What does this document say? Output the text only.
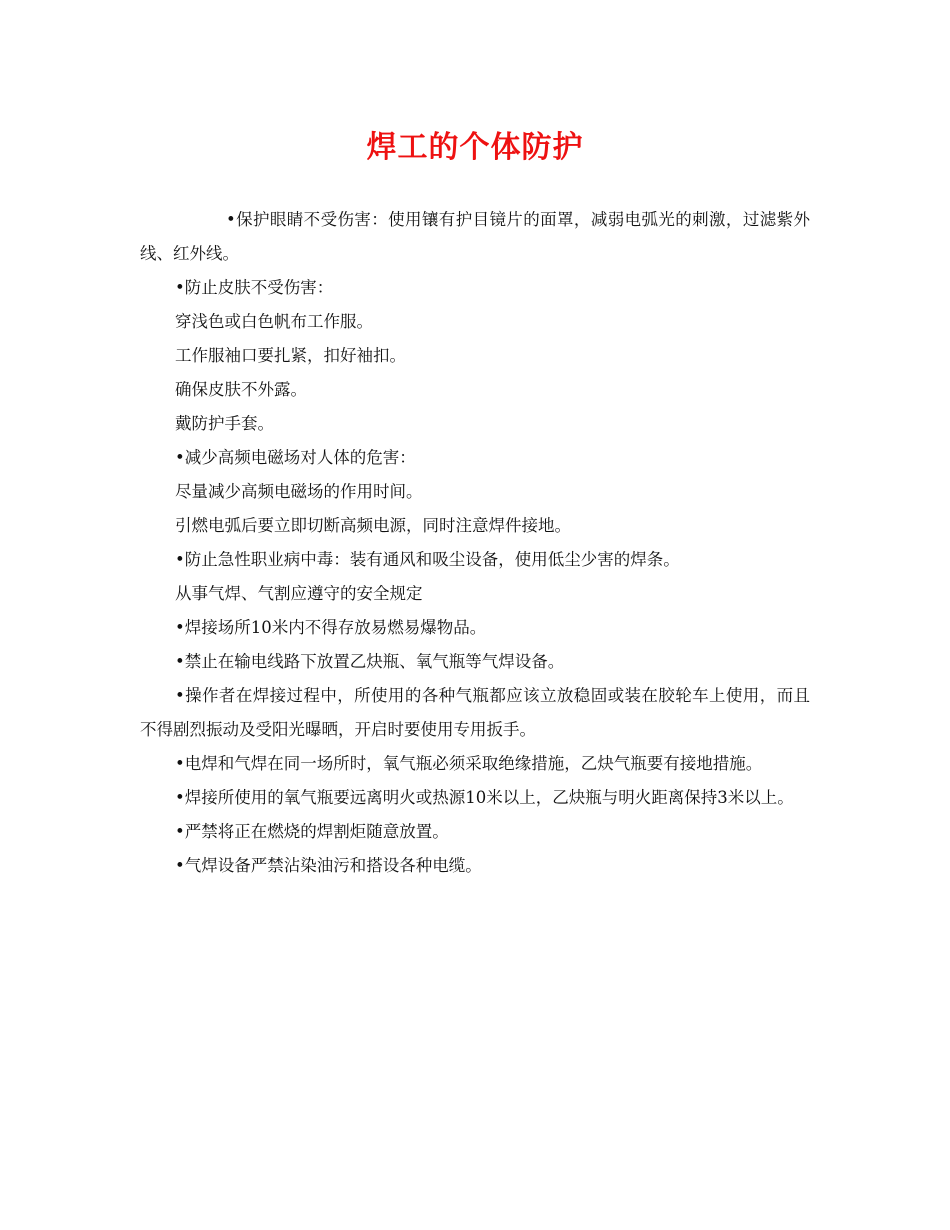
焊工的个体防护

•保护眼睛不受伤害：使用镶有护目镜片的面罩，减弱电弧光的刺激，过滤紫外线、红外线。

•防止皮肤不受伤害：

穿浅色或白色帆布工作服。

工作服袖口要扎紧，扣好袖扣。

确保皮肤不外露。

戴防护手套。

•减少高频电磁场对人体的危害：

尽量减少高频电磁场的作用时间。

引燃电弧后要立即切断高频电源，同时注意焊件接地。

•防止急性职业病中毒：装有通风和吸尘设备，使用低尘少害的焊条。

从事气焊、气割应遵守的安全规定

•焊接场所10米内不得存放易燃易爆物品。

•禁止在输电线路下放置乙炔瓶、氧气瓶等气焊设备。

•操作者在焊接过程中，所使用的各种气瓶都应该立放稳固或装在胶轮车上使用，而且不得剧烈振动及受阳光曝晒，开启时要使用专用扳手。

•电焊和气焊在同一场所时，氧气瓶必须采取绝缘措施，乙炔气瓶要有接地措施。

•焊接所使用的氧气瓶要远离明火或热源10米以上，乙炔瓶与明火距离保持3米以上。

•严禁将正在燃烧的焊割炬随意放置。

•气焊设备严禁沾染油污和搭设各种电缆。
